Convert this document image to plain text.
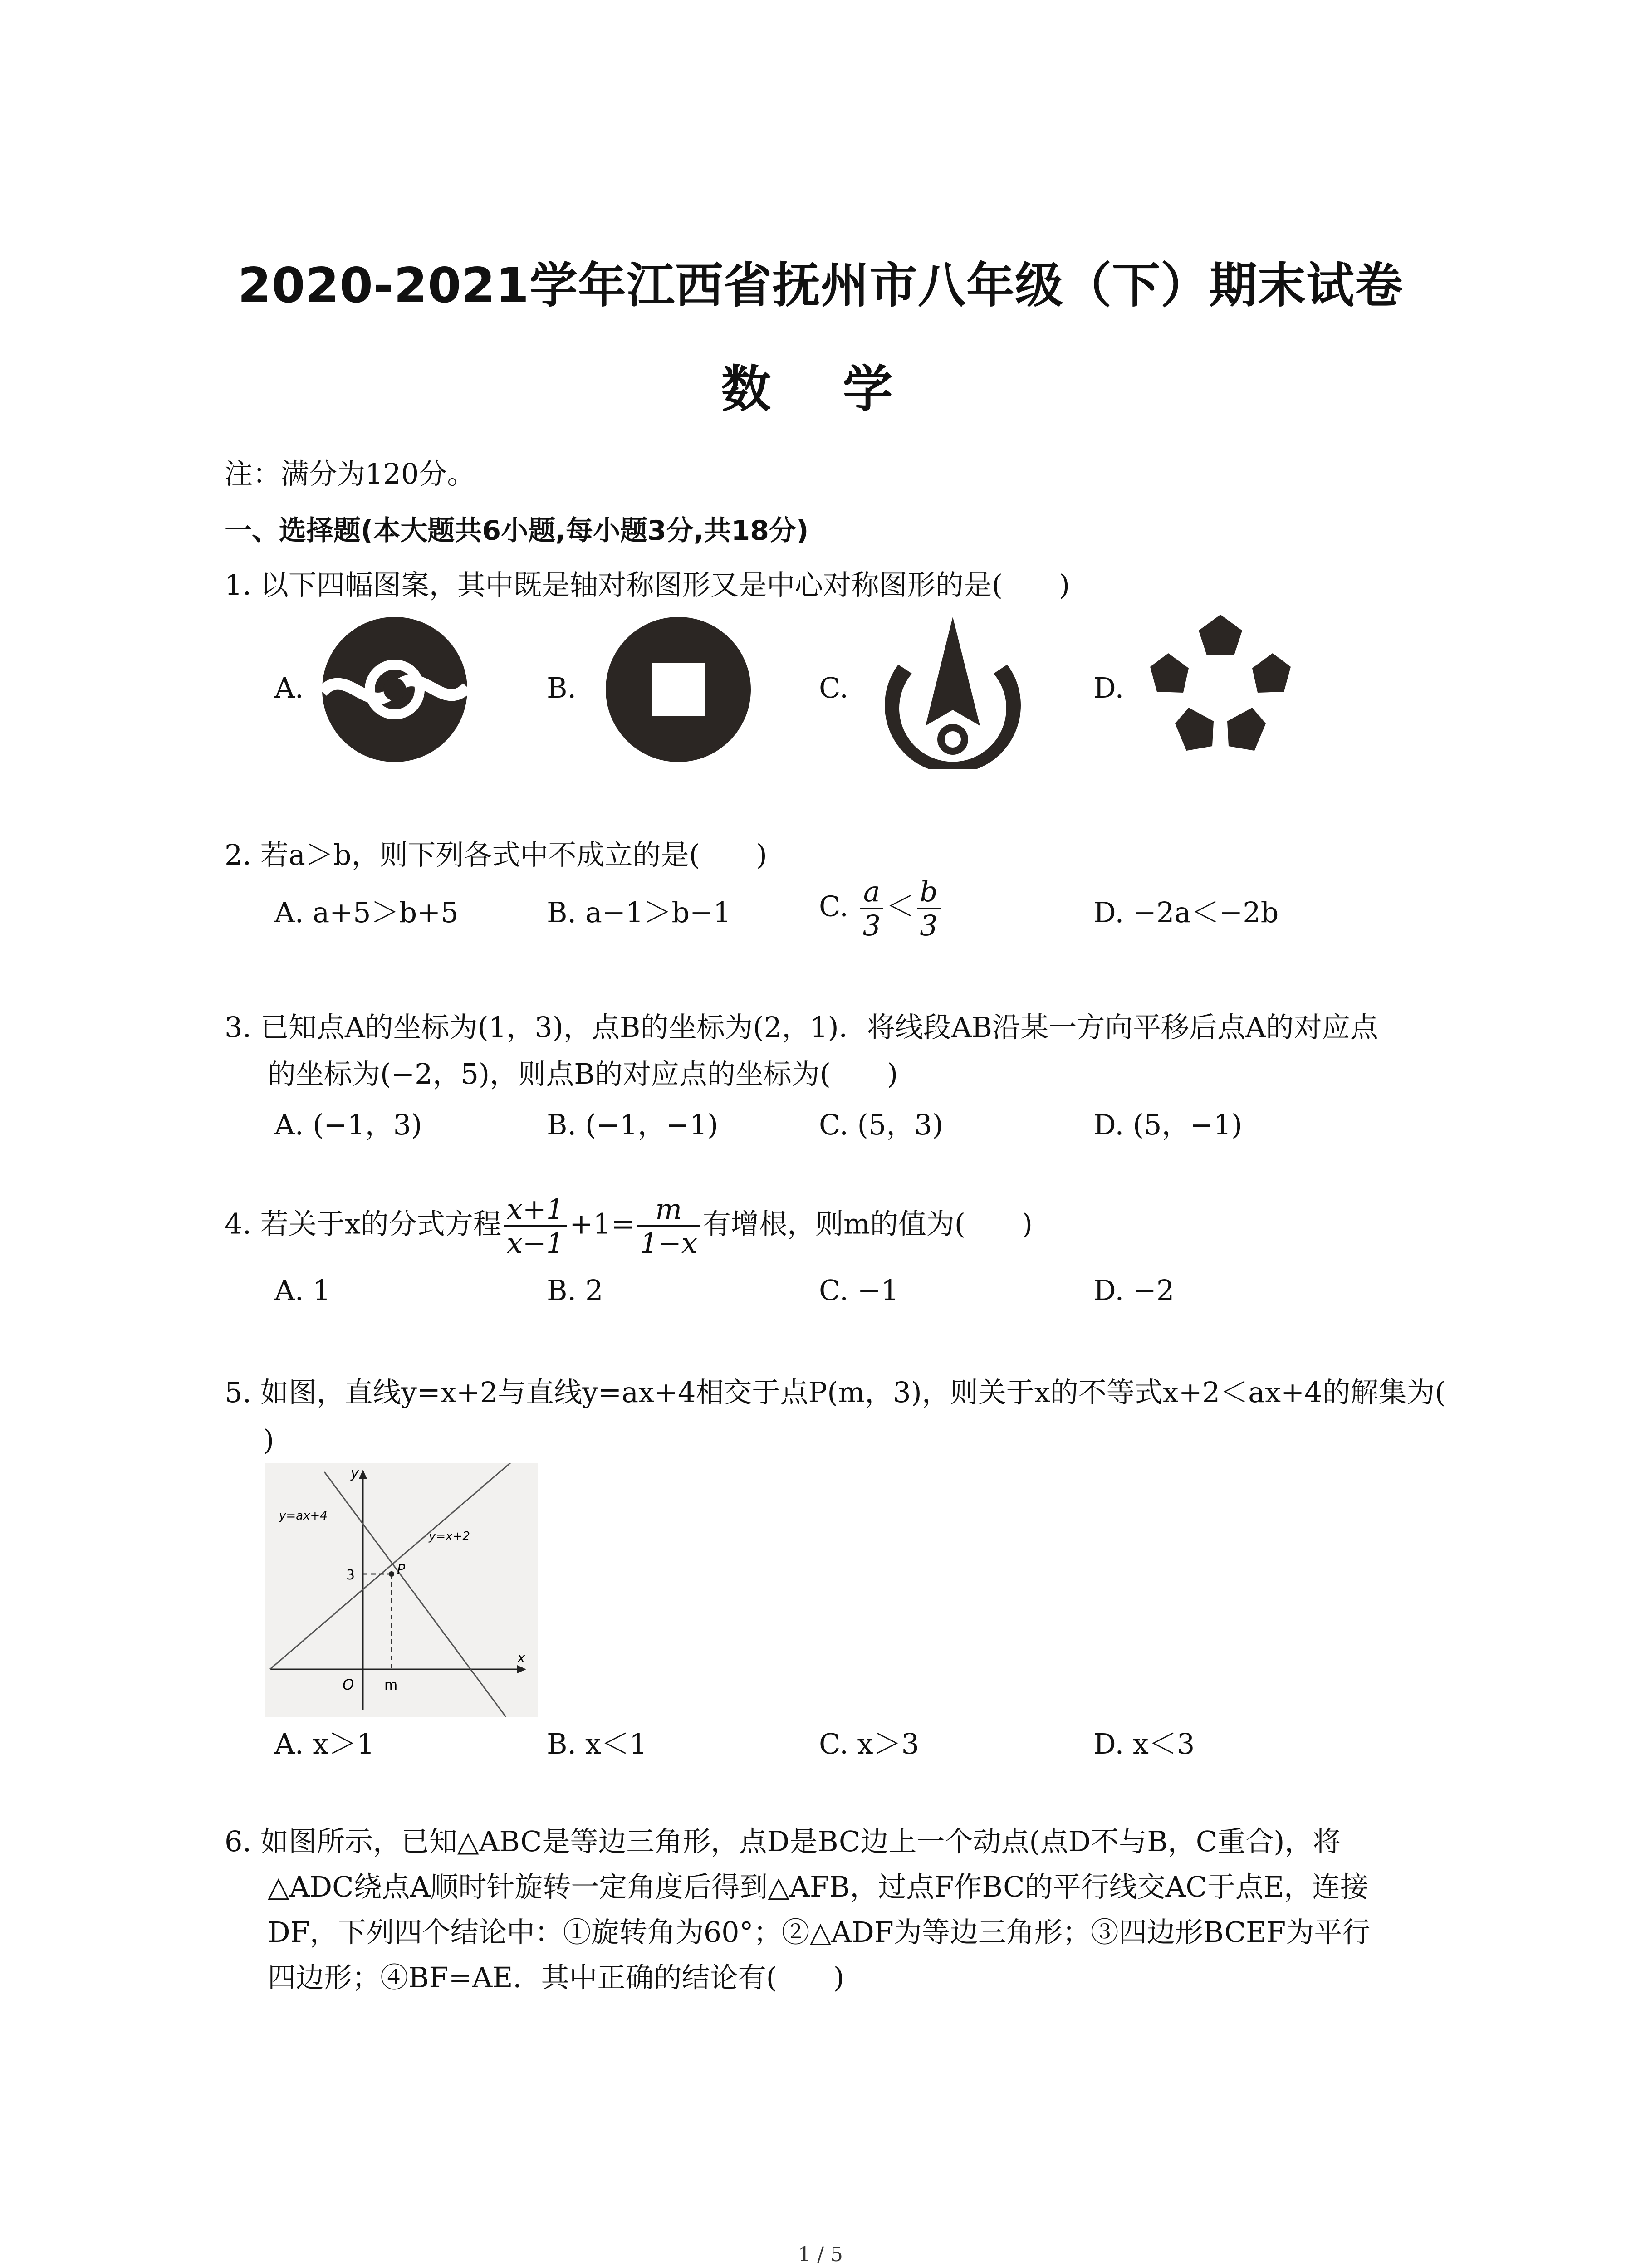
2020-2021学年江西省抚州市八年级（下）期末试卷
数 学
注：满分为120分。
一、选择题(本大题共6小题,每小题3分,共18分)
1. 以下四幅图案，其中既是轴对称图形又是中心对称图形的是(　　)
A.	B.	C.	D.
2. 若a＞b，则下列各式中不成立的是(　　)
A. a+5＞b+5	B. a−1＞b−1	C. $\frac{a}{3} < \frac{b}{3}$	D. −2a＜−2b
3. 已知点A的坐标为(1，3)，点B的坐标为(2，1)．将线段AB沿某一方向平移后点A的对应点
的坐标为(−2，5)，则点B的对应点的坐标为(　　)
A. (−1，3)	B. (−1，−1)	C. (5，3)	D. (5，−1)
4. 若关于x的分式方程 $\frac{x+1}{x-1} +1= \frac{m}{1-x}$ 有增根，则m的值为(　　)
A. 1	B. 2	C. −1	D. −2
5. 如图，直线y=x+2与直线y=ax+4相交于点P(m，3)，则关于x的不等式x+2＜ax+4的解集为(
)
y
x
O m
3	P
y=ax+4
y=x+2
A. x＞1	B. x＜1	C. x＞3	D. x＜3
6. 如图所示，已知△ABC是等边三角形，点D是BC边上一个动点(点D不与B，C重合)，将
△ADC绕点A顺时针旋转一定角度后得到△AFB，过点F作BC的平行线交AC于点E，连接
DF，下列四个结论中：①旋转角为60°；②△ADF为等边三角形；③四边形BCEF为平行
四边形；④BF=AE．其中正确的结论有(　　)
1 / 5
